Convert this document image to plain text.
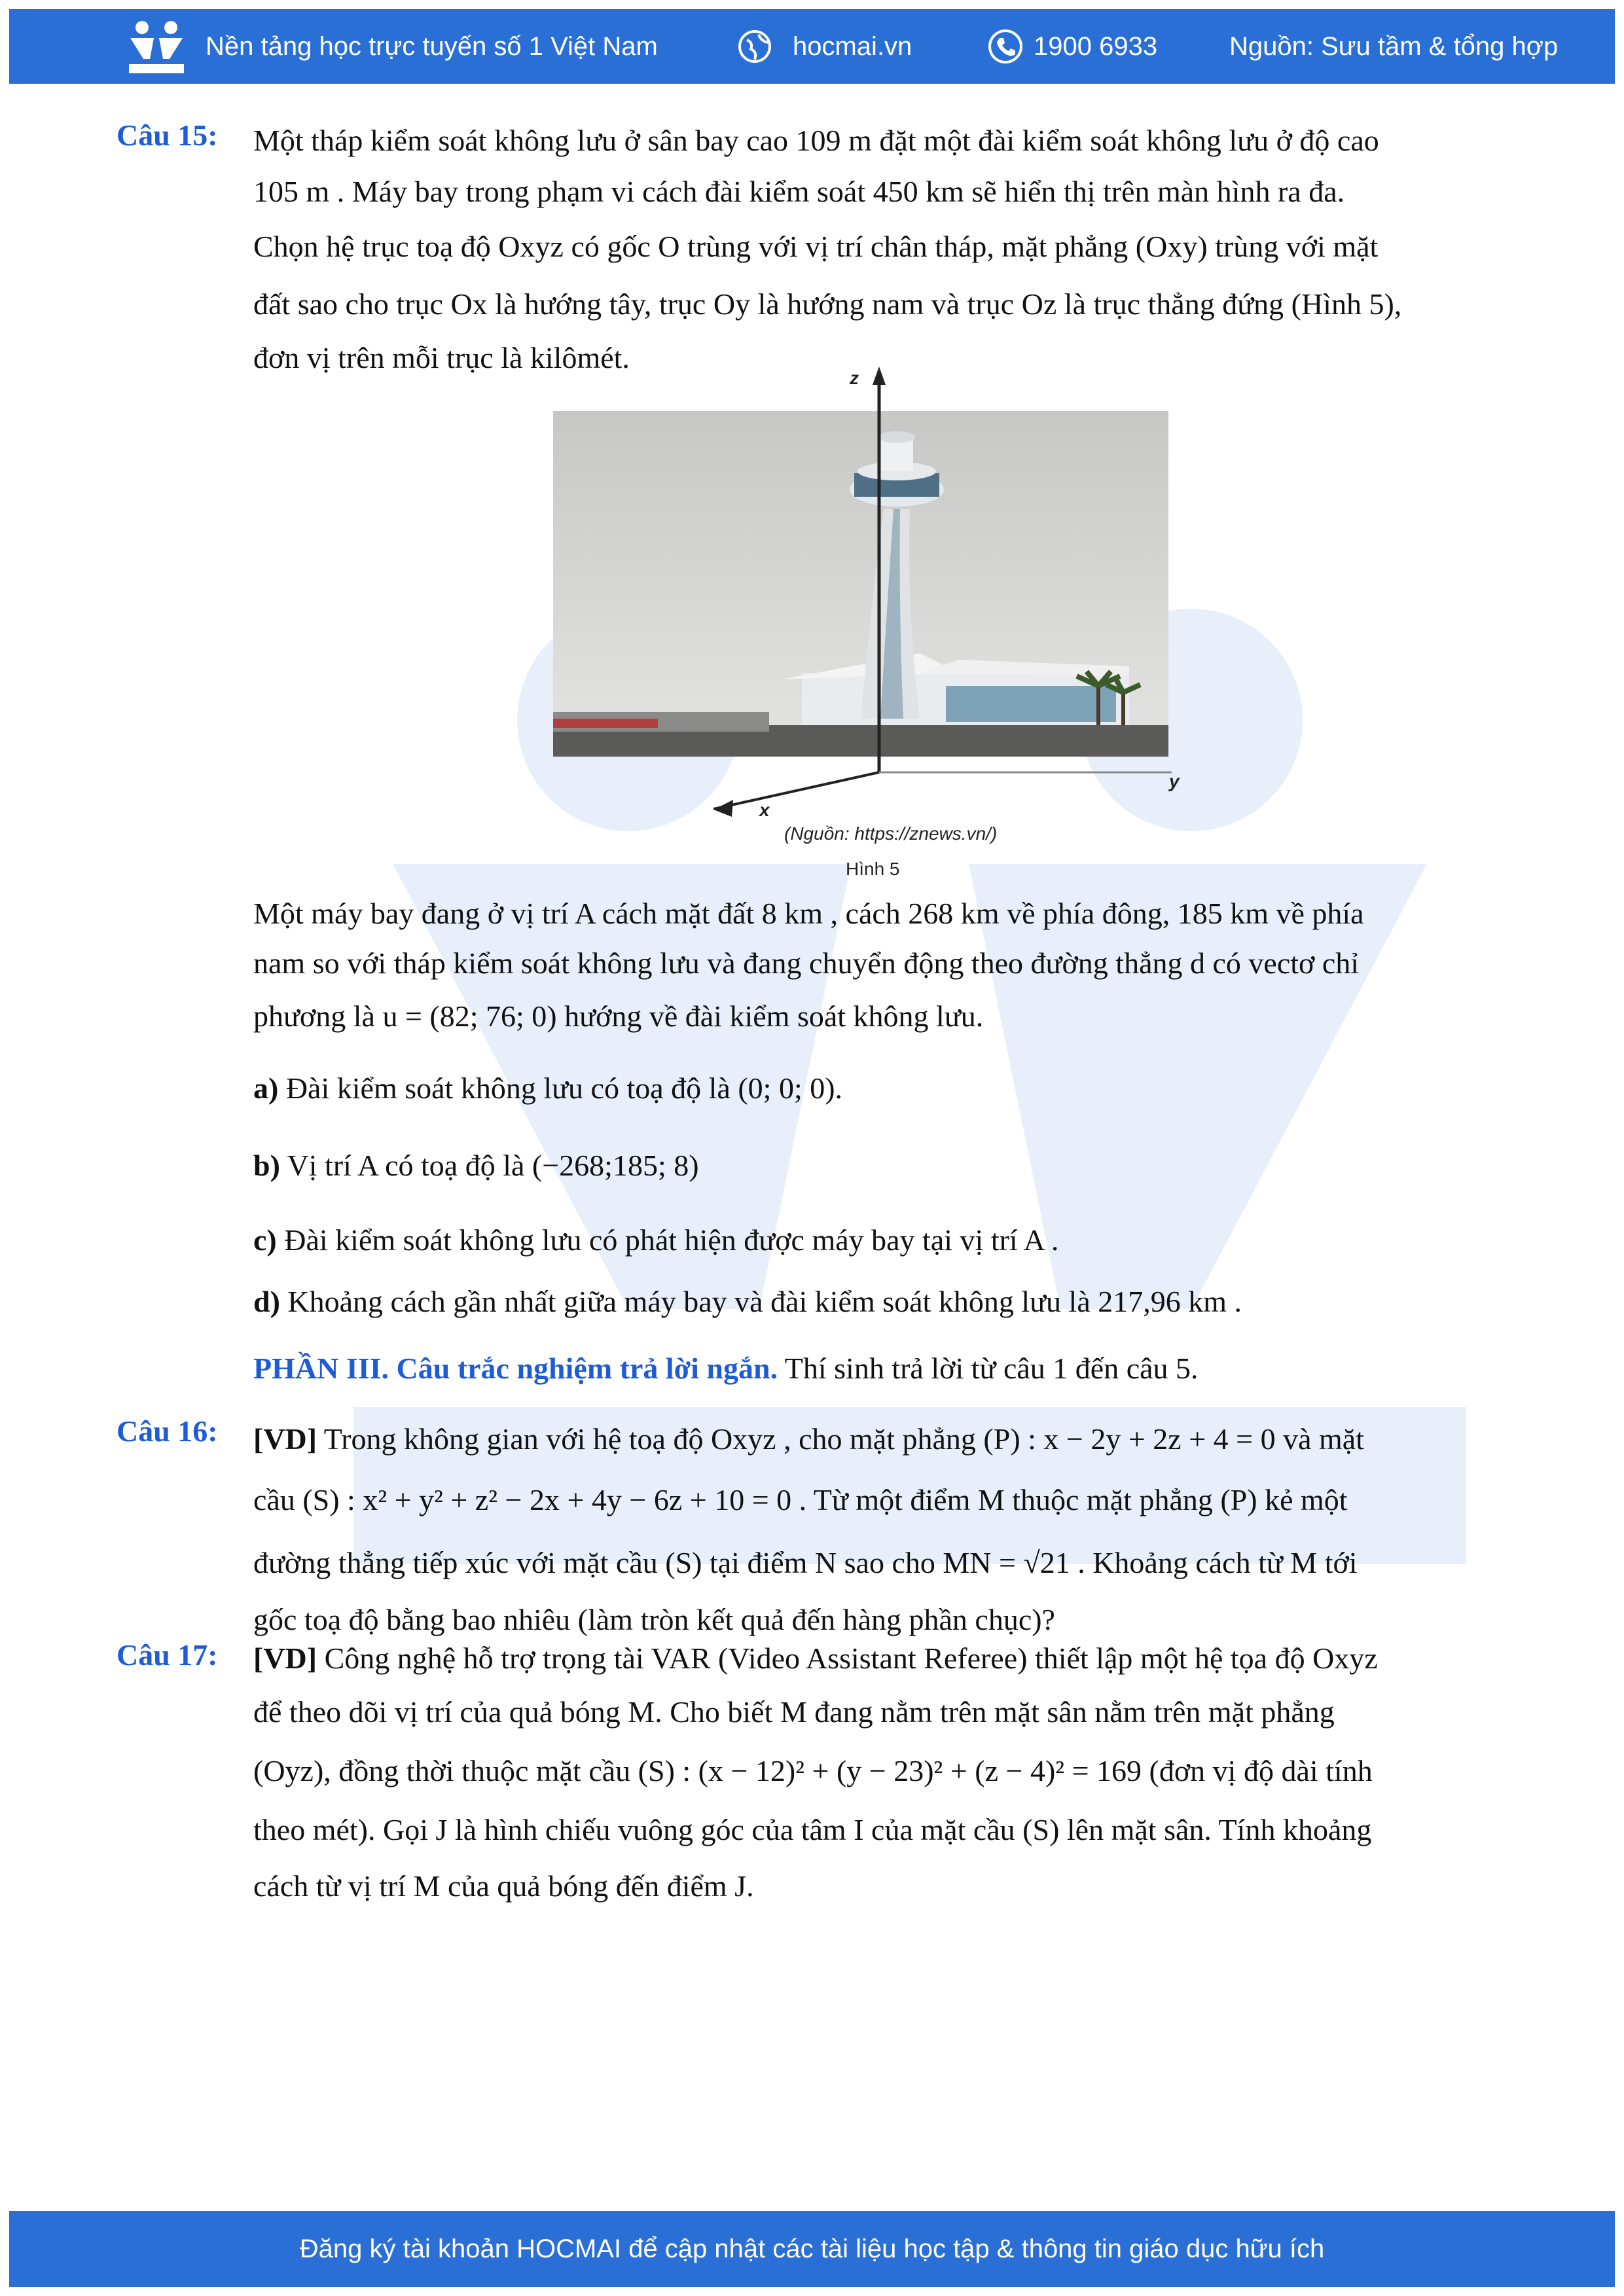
Nền tảng học trực tuyến số 1 Việt Nam	hocmai.vn	1900 6933	Nguồn: Sưu tầm & tổng hợp
Câu 15: Một tháp kiểm soát không lưu ở sân bay cao 109 m đặt một đài kiểm soát không lưu ở độ cao

105 m . Máy bay trong phạm vi cách đài kiểm soát 450 km sẽ hiển thị trên màn hình ra đa.

Chọn hệ trục toạ độ Oxyz có gốc O trùng với vị trí chân tháp, mặt phẳng (Oxy) trùng với mặt

đất sao cho trục Ox là hướng tây, trục Oy là hướng nam và trục Oz là trục thẳng đứng (Hình 5),

đơn vị trên mỗi trục là kilômét.

z
x
y
(Nguồn: https://znews.vn/)
Hình 5

Một máy bay đang ở vị trí A cách mặt đất 8 km , cách 268 km về phía đông, 185 km về phía

nam so với tháp kiểm soát không lưu và đang chuyển động theo đường thẳng d có vectơ chỉ

phương là u = (82; 76; 0) hướng về đài kiểm soát không lưu.

a) Đài kiểm soát không lưu có toạ độ là (0; 0; 0).
b) Vị trí A có toạ độ là (−268;185; 8)
c) Đài kiểm soát không lưu có phát hiện được máy bay tại vị trí A .
d) Khoảng cách gần nhất giữa máy bay và đài kiểm soát không lưu là 217,96 km .
PHẦN III. Câu trắc nghiệm trả lời ngắn. Thí sinh trả lời từ câu 1 đến câu 5.
Câu 16: [VD] Trong không gian với hệ toạ độ Oxyz , cho mặt phẳng (P) : x − 2y + 2z + 4 = 0 và mặt

cầu (S) : x² + y² + z² − 2x + 4y − 6z + 10 = 0 . Từ một điểm M thuộc mặt phẳng (P) kẻ một

đường thẳng tiếp xúc với mặt cầu (S) tại điểm N sao cho MN = √21 . Khoảng cách từ M tới

gốc toạ độ bằng bao nhiêu (làm tròn kết quả đến hàng phần chục)?

Câu 17: [VD] Công nghệ hỗ trợ trọng tài VAR (Video Assistant Referee) thiết lập một hệ tọa độ Oxyz

để theo dõi vị trí của quả bóng M. Cho biết M đang nằm trên mặt sân nằm trên mặt phẳng

(Oyz), đồng thời thuộc mặt cầu (S) : (x − 12)² + (y − 23)² + (z − 4)² = 169 (đơn vị độ dài tính

theo mét). Gọi J là hình chiếu vuông góc của tâm I của mặt cầu (S) lên mặt sân. Tính khoảng

cách từ vị trí M của quả bóng đến điểm J.

Đăng ký tài khoản HOCMAI để cập nhật các tài liệu học tập & thông tin giáo dục hữu ích
